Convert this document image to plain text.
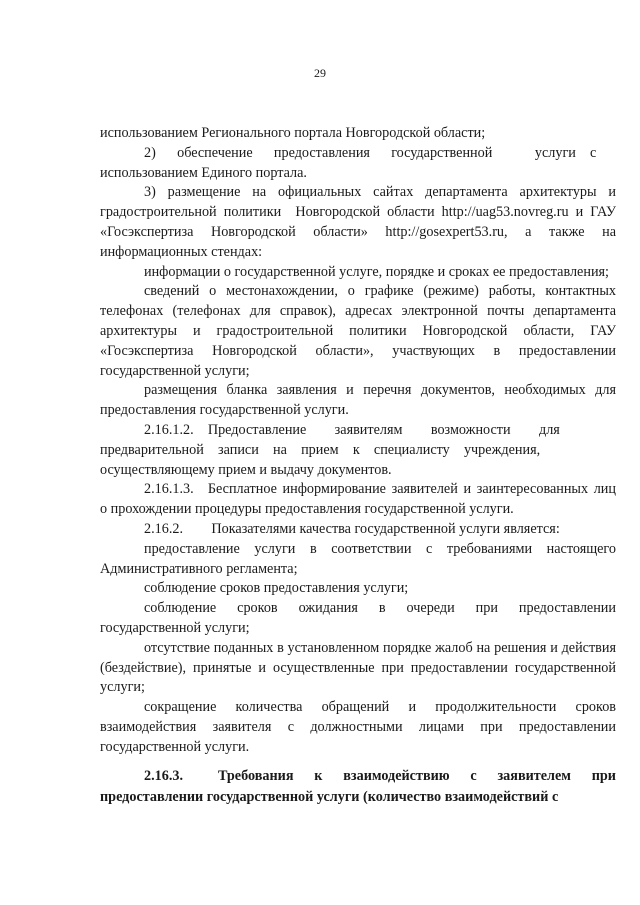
29

использованием Регионального портала Новгородской области;

2)  обеспечение  предоставления  государственной   услуги с использованием Единого портала.

3) размещение на официальных сайтах департамента архитектуры и градостроительной политики  Новгородской области http://uag53.novreg.ru и ГАУ «Госэкспертиза Новгородской области» http://gosexpert53.ru, а также на информационных стендах:

информации о государственной услуге, порядке и сроках ее предоставления;

сведений о местонахождении, о графике (режиме) работы, контактных телефонах (телефонах для справок), адресах электронной почты департамента архитектуры и градостроительной политики Новгородской области, ГАУ «Госэкспертиза Новгородской области», участвующих в предоставлении государственной услуги;

размещения бланка заявления и перечня документов, необходимых для предоставления государственной услуги.

2.16.1.2. Предоставление  заявителям  возможности  для предварительной записи на прием к специалисту учреждения, осуществляющему прием и выдачу документов.

2.16.1.3. Бесплатное информирование заявителей и заинтересованных лиц о прохождении процедуры предоставления государственной услуги.

2.16.2.  Показателями качества государственной услуги является:

предоставление услуги в соответствии с требованиями настоящего Административного регламента;

соблюдение сроков предоставления услуги;

соблюдение сроков ожидания в очереди при предоставлении государственной услуги;

отсутствие поданных в установленном порядке жалоб на решения и действия (бездействие), принятые и осуществленные при предоставлении государственной услуги;

сокращение количества обращений и продолжительности сроков взаимодействия заявителя с должностными лицами при предоставлении государственной услуги.

2.16.3.  Требования к взаимодействию с заявителем при предоставлении государственной услуги (количество взаимодействий с
